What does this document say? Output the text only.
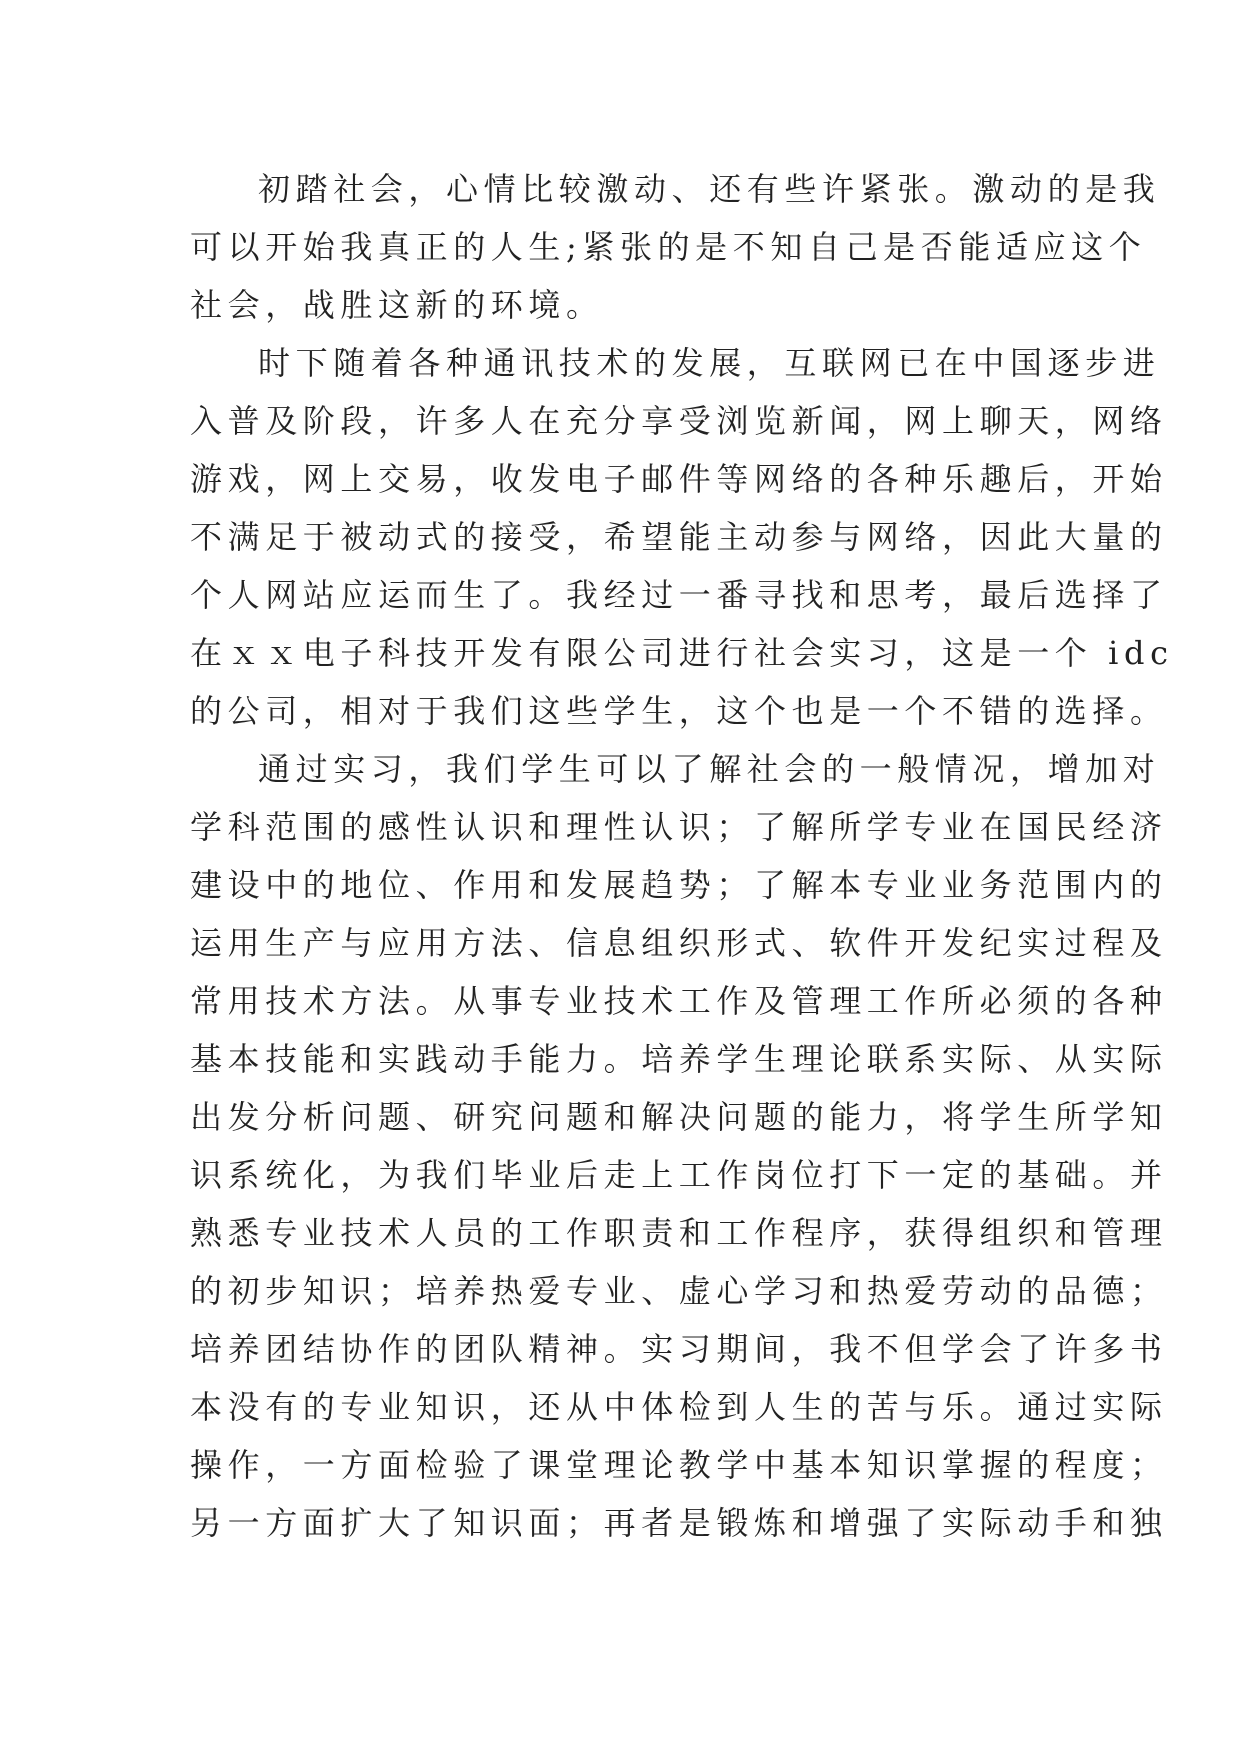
初踏社会，心情比较激动、还有些许紧张。激动的是我
可以开始我真正的人生;紧张的是不知自己是否能适应这个
社会，战胜这新的环境。
时下随着各种通讯技术的发展，互联网已在中国逐步进
入普及阶段，许多人在充分享受浏览新闻，网上聊天，网络
游戏，网上交易，收发电子邮件等网络的各种乐趣后，开始
不满足于被动式的接受，希望能主动参与网络，因此大量的
个人网站应运而生了。我经过一番寻找和思考，最后选择了
在ｘｘ电子科技开发有限公司进行社会实习，这是一个 idc
的公司，相对于我们这些学生，这个也是一个不错的选择。
通过实习，我们学生可以了解社会的一般情况，增加对
学科范围的感性认识和理性认识；了解所学专业在国民经济
建设中的地位、作用和发展趋势；了解本专业业务范围内的
运用生产与应用方法、信息组织形式、软件开发纪实过程及
常用技术方法。从事专业技术工作及管理工作所必须的各种
基本技能和实践动手能力。培养学生理论联系实际、从实际
出发分析问题、研究问题和解决问题的能力，将学生所学知
识系统化，为我们毕业后走上工作岗位打下一定的基础。并
熟悉专业技术人员的工作职责和工作程序，获得组织和管理
的初步知识；培养热爱专业、虚心学习和热爱劳动的品德；
培养团结协作的团队精神。实习期间，我不但学会了许多书
本没有的专业知识，还从中体检到人生的苦与乐。通过实际
操作，一方面检验了课堂理论教学中基本知识掌握的程度；
另一方面扩大了知识面；再者是锻炼和增强了实际动手和独
